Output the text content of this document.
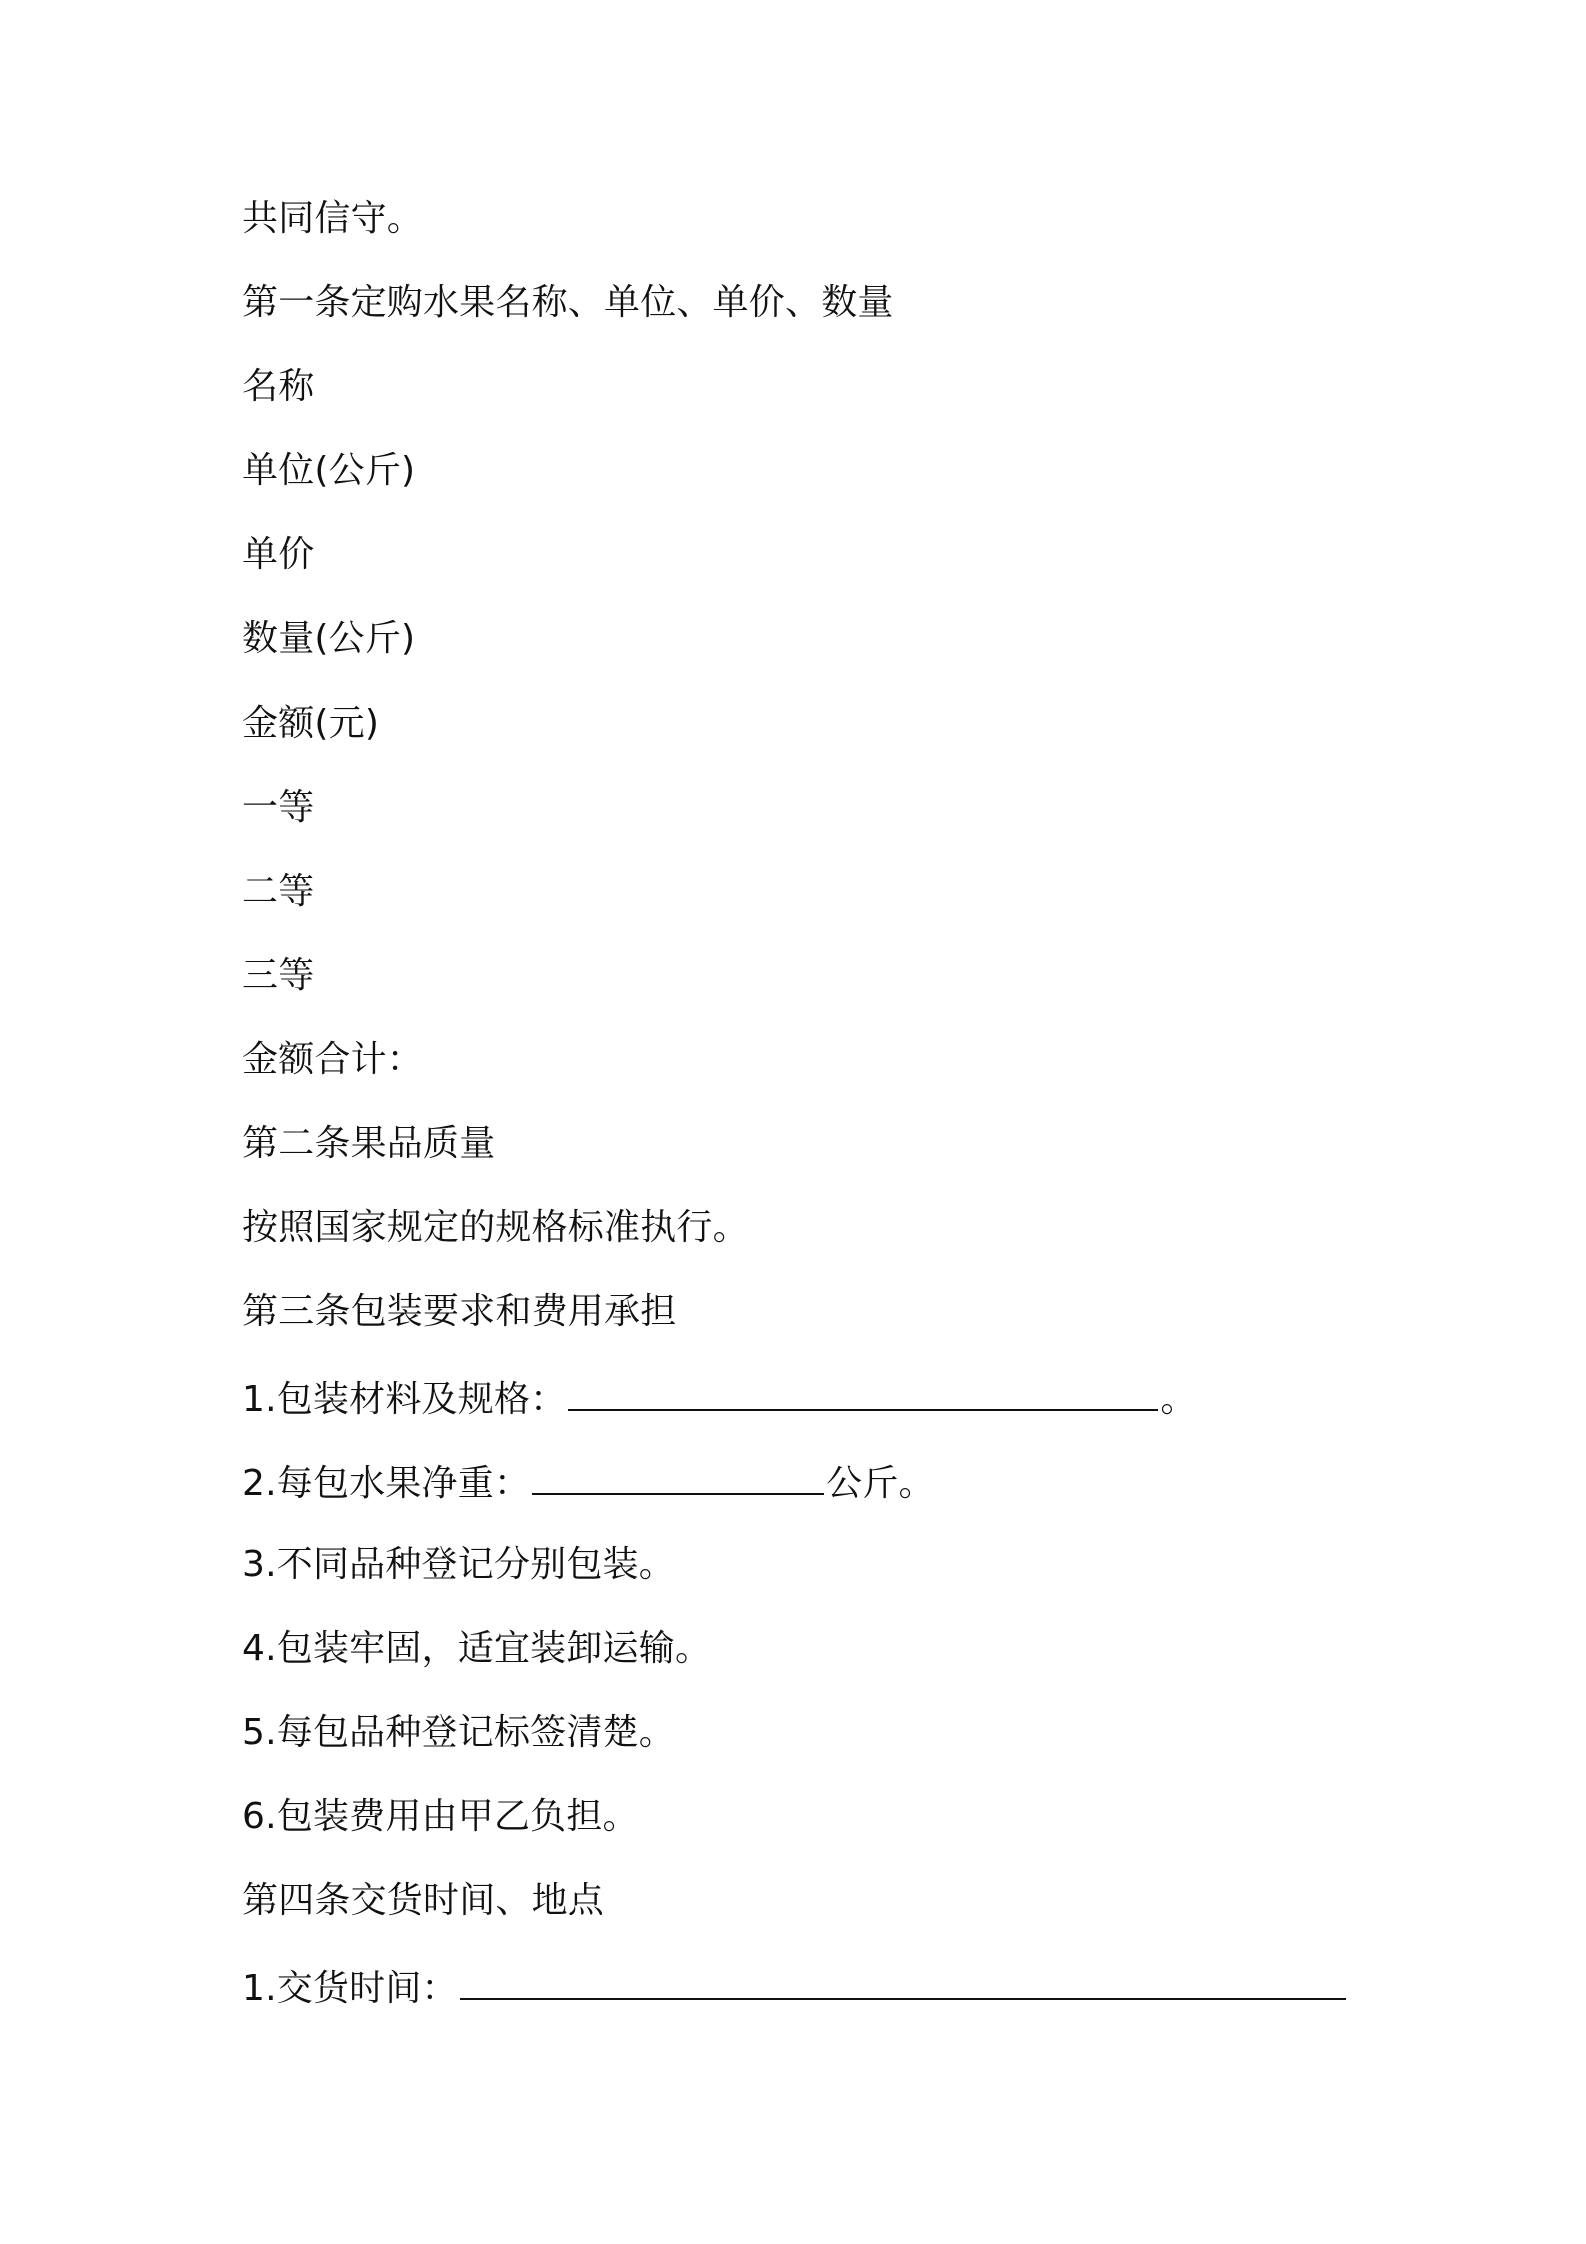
共同信守。
第一条定购水果名称、单位、单价、数量
名称
单位(公斤)
单价
数量(公斤)
金额(元)
一等
二等
三等
金额合计：
第二条果品质量
按照国家规定的规格标准执行。
第三条包装要求和费用承担
1.包装材料及规格：	。
2.每包水果净重：	公斤。
3.不同品种登记分别包装。
4.包装牢固，适宜装卸运输。
5.每包品种登记标签清楚。
6.包装费用由甲乙负担。
第四条交货时间、地点
1.交货时间：
